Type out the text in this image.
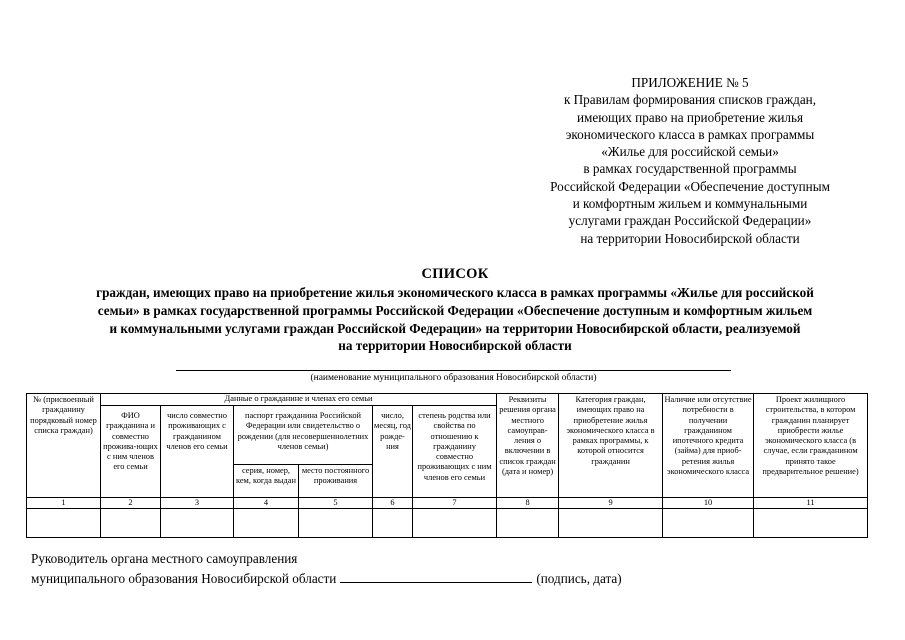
ПРИЛОЖЕНИЕ № 5
к Правилам формирования списков граждан,
имеющих право на приобретение жилья
экономического класса в рамках программы
«Жилье для российской семьи»
в рамках государственной программы
Российской Федерации «Обеспечение доступным
и комфортным жильем и коммунальными
услугами граждан Российской Федерации»
на территории Новосибирской области
СПИСОК
граждан, имеющих право на приобретение жилья экономического класса в рамках программы «Жилье для российской
семьи» в рамках государственной программы Российской Федерации «Обеспечение доступным и комфортным жильем
и коммунальными услугами граждан Российской Федерации» на территории Новосибирской области, реализуемой
на территории Новосибирской области
(наименование муниципального образования Новосибирской области)
№ (присвоенный гражданину порядковый номер списка граждан)	Данные о гражданине и членах его семьи						Реквизиты решения органа местного самоуправ-ления о включении в список граждан (дата и номер)	Категория граждан, имеющих право на приобретение жилья экономического класса в рамках программы, к которой относится гражданин	Наличие или отсутствие потребности в получении гражданином ипотечного кредита (займа) для приоб-ретения жилья экономического класса	Проект жилищного строительства, в котором гражданин планирует приобрести жилье экономического класса (в случае, если гражданином принято такое предварительное решение)
	ФИО гражданина и совместно прожива-ющих с ним членов его семьи	число совместно проживающих с гражданином членов его семьи	паспорт гражданина Российской Федерации или свидетельство о рождении (для несовершеннолетних членов семьи)		число, месяц, год рожде-ния	степень родства или свойства по отношению к гражданину совместно проживающих с ним членов его семьи				
			серия, номер, кем, когда выдан	место постоянного проживания						

1	2	3	4	5	6	7	8	9	10	11

Руководитель органа местного самоуправления
муниципального образования Новосибирской области	(подпись, дата)
